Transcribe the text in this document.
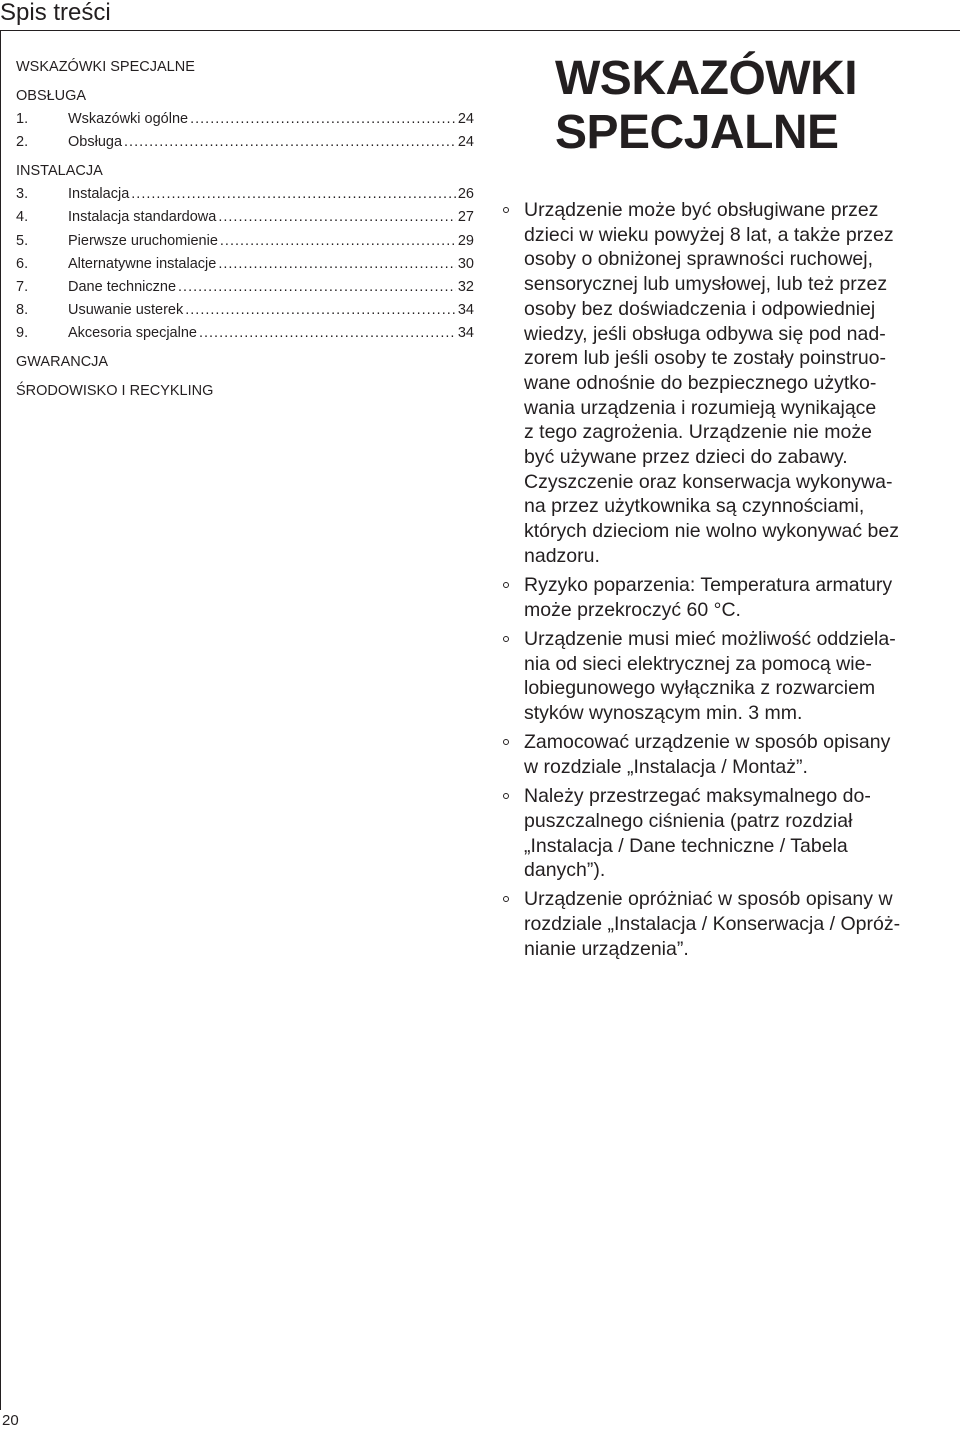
Spis treści
WSKAZÓWKI SPECJALNE
OBSŁUGA
1.	Wskazówki ogólne .....	24
2.	Obsługa .....	24
INSTALACJA
3.	Instalacja .....	26
4.	Instalacja standardowa .....	27
5.	Pierwsze uruchomienie .....	29
6.	Alternatywne instalacje .....	30
7.	Dane techniczne .....	32
8.	Usuwanie usterek .....	34
9.	Akcesoria specjalne .....	34
GWARANCJA
ŚRODOWISKO I RECYKLING
WSKAZÓWKI
SPECJALNE
Urządzenie może być obsługiwane przez
dzieci w wieku powyżej 8 lat, a także przez
osoby o obniżonej sprawności ruchowej,
sensorycznej lub umysłowej, lub też przez
osoby bez doświadczenia i odpowiedniej
wiedzy, jeśli obsługa odbywa się pod nad-
zorem lub jeśli osoby te zostały poinstruo-
wane odnośnie do bezpiecznego użytko-
wania urządzenia i rozumieją wynikające
z tego zagrożenia. Urządzenie nie może
być używane przez dzieci do zabawy.
Czyszczenie oraz konserwacja wykonywa-
na przez użytkownika są czynnościami,
których dzieciom nie wolno wykonywać bez
nadzoru.
Ryzyko poparzenia: Temperatura armatury
może przekroczyć 60 °C.
Urządzenie musi mieć możliwość oddziela-
nia od sieci elektrycznej za pomocą wie-
lobiegunowego wyłącznika z rozwarciem
styków wynoszącym min. 3 mm.
Zamocować urządzenie w sposób opisany
w rozdziale „Instalacja / Montaż”.
Należy przestrzegać maksymalnego do-
puszczalnego ciśnienia (patrz rozdział
„Instalacja / Dane techniczne / Tabela
danych”).
Urządzenie opróżniać w sposób opisany w
rozdziale „Instalacja / Konserwacja / Opróż-
nianie urządzenia”.
20
